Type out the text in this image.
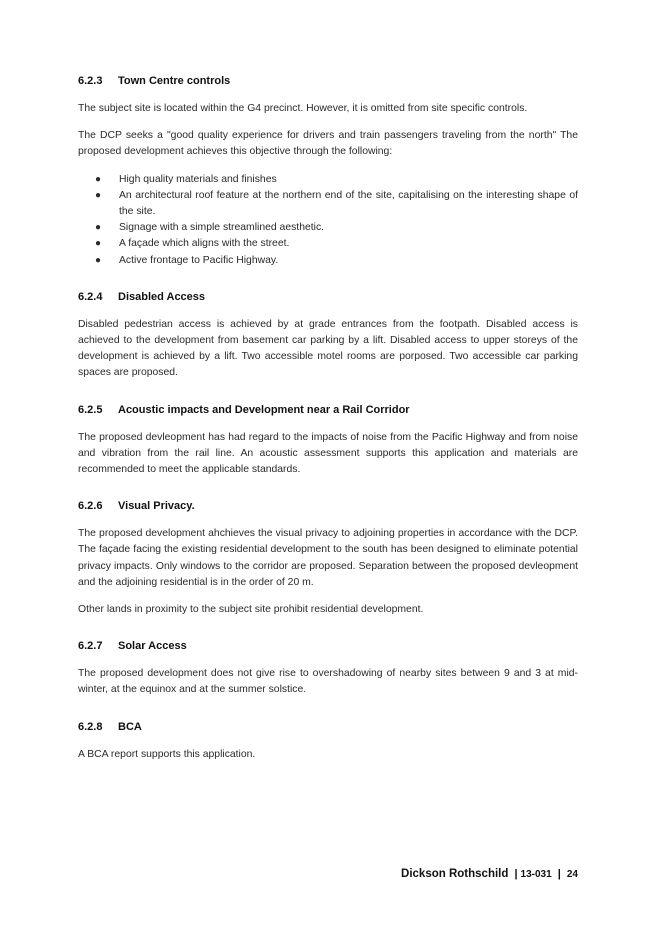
6.2.3 Town Centre controls

The subject site is located within the G4 precinct. However, it is omitted from site specific controls.

The DCP seeks a "good quality experience for drivers and train passengers traveling from the north" The proposed development achieves this objective through the following:

● High quality materials and finishes
● An architectural roof feature at the northern end of the site, capitalising on the interesting shape of the site.
● Signage with a simple streamlined aesthetic.
● A façade which aligns with the street.
● Active frontage to Pacific Highway.
6.2.4 Disabled Access

Disabled pedestrian access is achieved by at grade entrances from the footpath. Disabled access is achieved to the development from basement car parking by a lift. Disabled access to upper storeys of the development is achieved by a lift. Two accessible motel rooms are porposed. Two accessible car parking spaces are proposed.

6.2.5 Acoustic impacts and Development near a Rail Corridor

The proposed devleopment has had regard to the impacts of noise from the Pacific Highway and from noise and vibration from the rail line. An acoustic assessment supports this application and materials are recommended to meet the applicable standards.

6.2.6 Visual Privacy.

The proposed development ahchieves the visual privacy to adjoining properties in accordance with the DCP. The façade facing the existing residential development to the south has been designed to eliminate potential privacy impacts. Only windows to the corridor are proposed. Separation between the proposed devleopment and the adjoining residential is in the order of 20 m.

Other lands in proximity to the subject site prohibit residential development.

6.2.7 Solar Access

The proposed development does not give rise to overshadowing of nearby sites between 9 and 3 at mid-winter, at the equinox and at the summer solstice.

6.2.8 BCA

A BCA report supports this application.

Dickson Rothschild | 13-031 | 24
